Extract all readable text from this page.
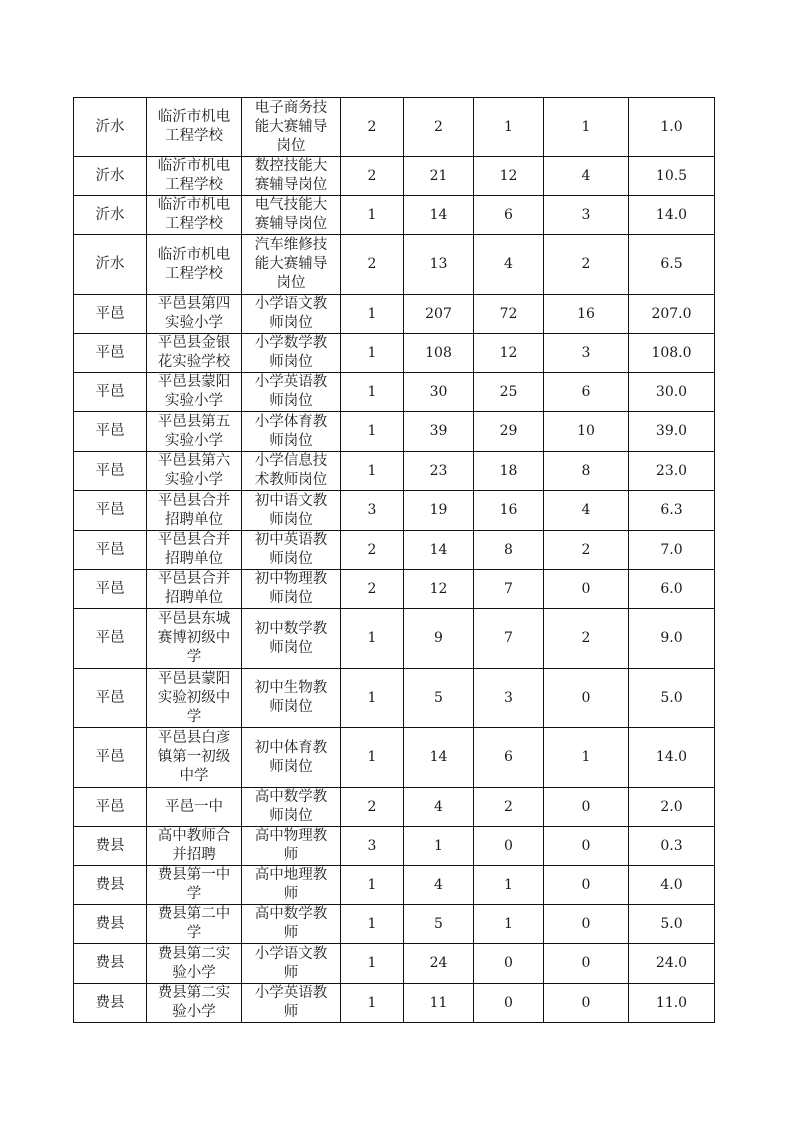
沂水	临沂市机电工程学校	电子商务技能大赛辅导岗位	2	2	1	1	1.0
沂水	临沂市机电工程学校	数控技能大赛辅导岗位	2	21	12	4	10.5
沂水	临沂市机电工程学校	电气技能大赛辅导岗位	1	14	6	3	14.0
沂水	临沂市机电工程学校	汽车维修技能大赛辅导岗位	2	13	4	2	6.5
平邑	平邑县第四实验小学	小学语文教师岗位	1	207	72	16	207.0
平邑	平邑县金银花实验学校	小学数学教师岗位	1	108	12	3	108.0
平邑	平邑县蒙阳实验小学	小学英语教师岗位	1	30	25	6	30.0
平邑	平邑县第五实验小学	小学体育教师岗位	1	39	29	10	39.0
平邑	平邑县第六实验小学	小学信息技术教师岗位	1	23	18	8	23.0
平邑	平邑县合并招聘单位	初中语文教师岗位	3	19	16	4	6.3
平邑	平邑县合并招聘单位	初中英语教师岗位	2	14	8	2	7.0
平邑	平邑县合并招聘单位	初中物理教师岗位	2	12	7	0	6.0
平邑	平邑县东城赛博初级中学	初中数学教师岗位	1	9	7	2	9.0
平邑	平邑县蒙阳实验初级中学	初中生物教师岗位	1	5	3	0	5.0
平邑	平邑县白彦镇第一初级中学	初中体育教师岗位	1	14	6	1	14.0
平邑	平邑一中	高中数学教师岗位	2	4	2	0	2.0
费县	高中教师合并招聘	高中物理教师	3	1	0	0	0.3
费县	费县第一中学	高中地理教师	1	4	1	0	4.0
费县	费县第二中学	高中数学教师	1	5	1	0	5.0
费县	费县第二实验小学	小学语文教师	1	24	0	0	24.0
费县	费县第二实验小学	小学英语教师	1	11	0	0	11.0
